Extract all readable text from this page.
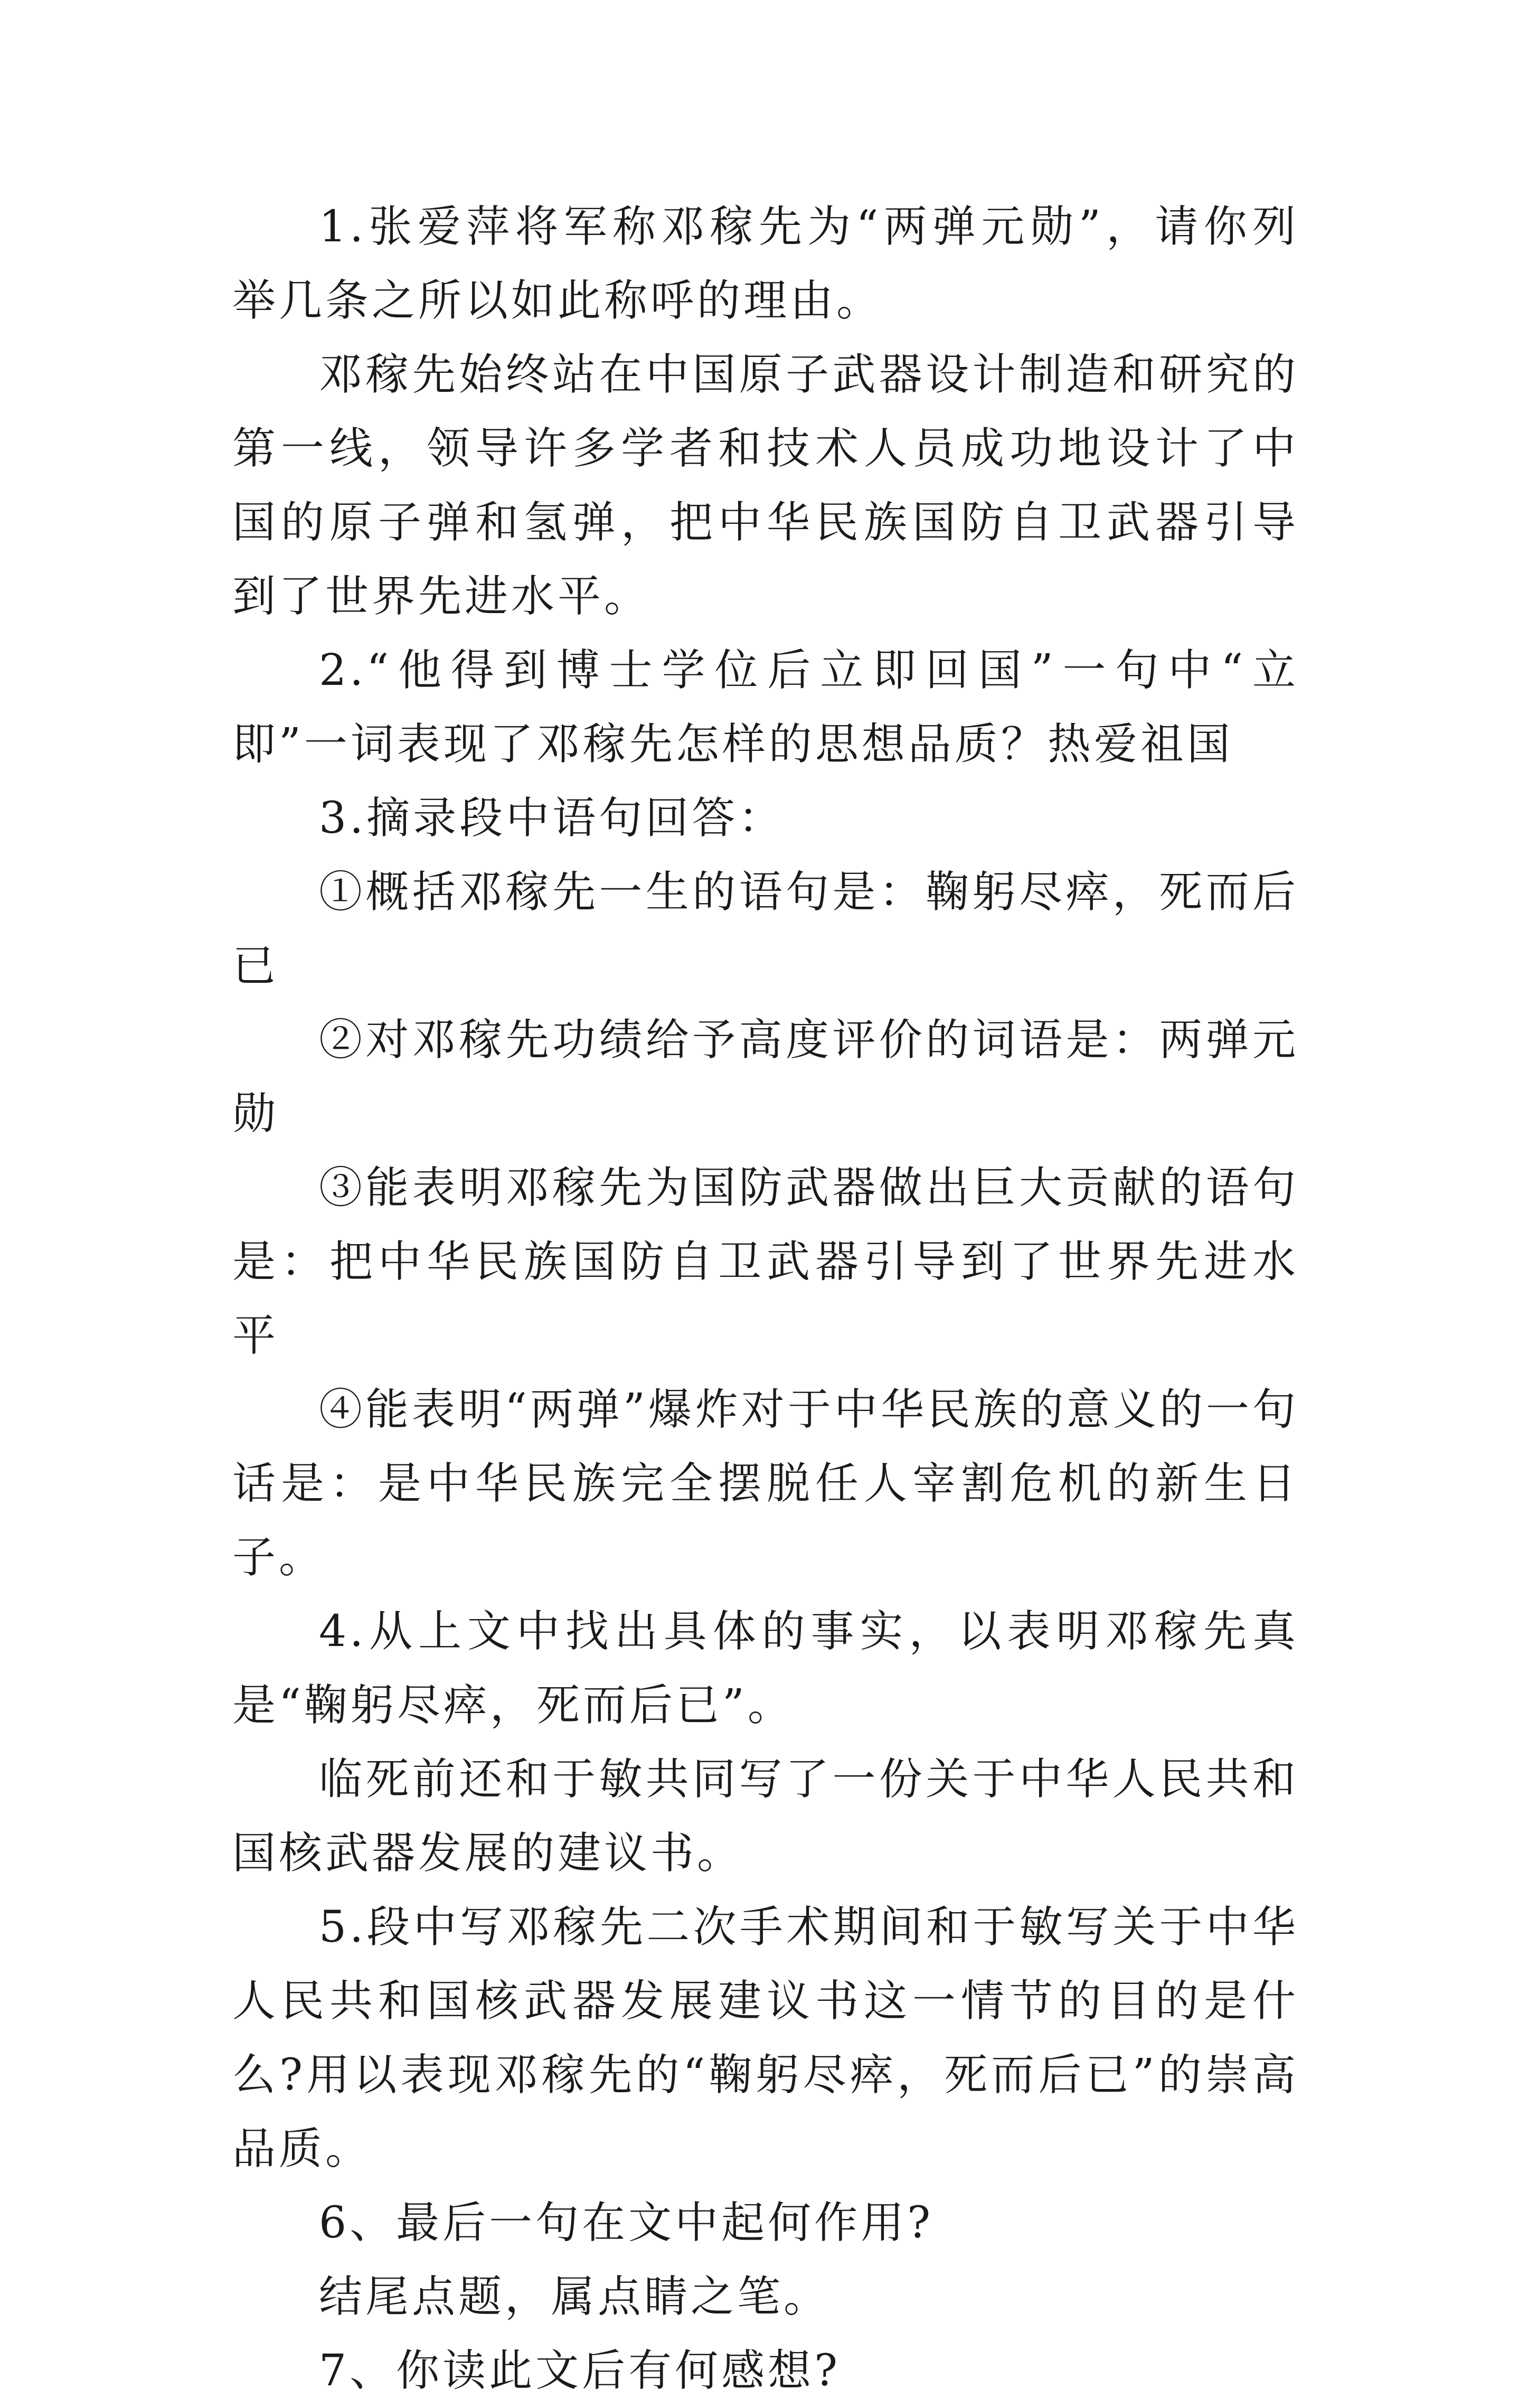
1.张爱萍将军称邓稼先为“两弹元勋”，请你列举几条之所以如此称呼的理由。

邓稼先始终站在中国原子武器设计制造和研究的第一线，领导许多学者和技术人员成功地设计了中国的原子弹和氢弹，把中华民族国防自卫武器引导到了世界先进水平。

2.“他得到博士学位后立即回国”一句中“立即”一词表现了邓稼先怎样的思想品质？热爱祖国

3.摘录段中语句回答：

①概括邓稼先一生的语句是：鞠躬尽瘁，死而后已

②对邓稼先功绩给予高度评价的词语是：两弹元勋

③能表明邓稼先为国防武器做出巨大贡献的语句是：把中华民族国防自卫武器引导到了世界先进水平

④能表明“两弹”爆炸对于中华民族的意义的一句话是：是中华民族完全摆脱任人宰割危机的新生日子。

4.从上文中找出具体的事实，以表明邓稼先真是“鞠躬尽瘁，死而后已”。

临死前还和于敏共同写了一份关于中华人民共和国核武器发展的建议书。

5.段中写邓稼先二次手术期间和于敏写关于中华人民共和国核武器发展建议书这一情节的目的是什么?用以表现邓稼先的“鞠躬尽瘁，死而后已”的崇高品质。

6、最后一句在文中起何作用?

结尾点题，属点睛之笔。

7、你读此文后有何感想?
